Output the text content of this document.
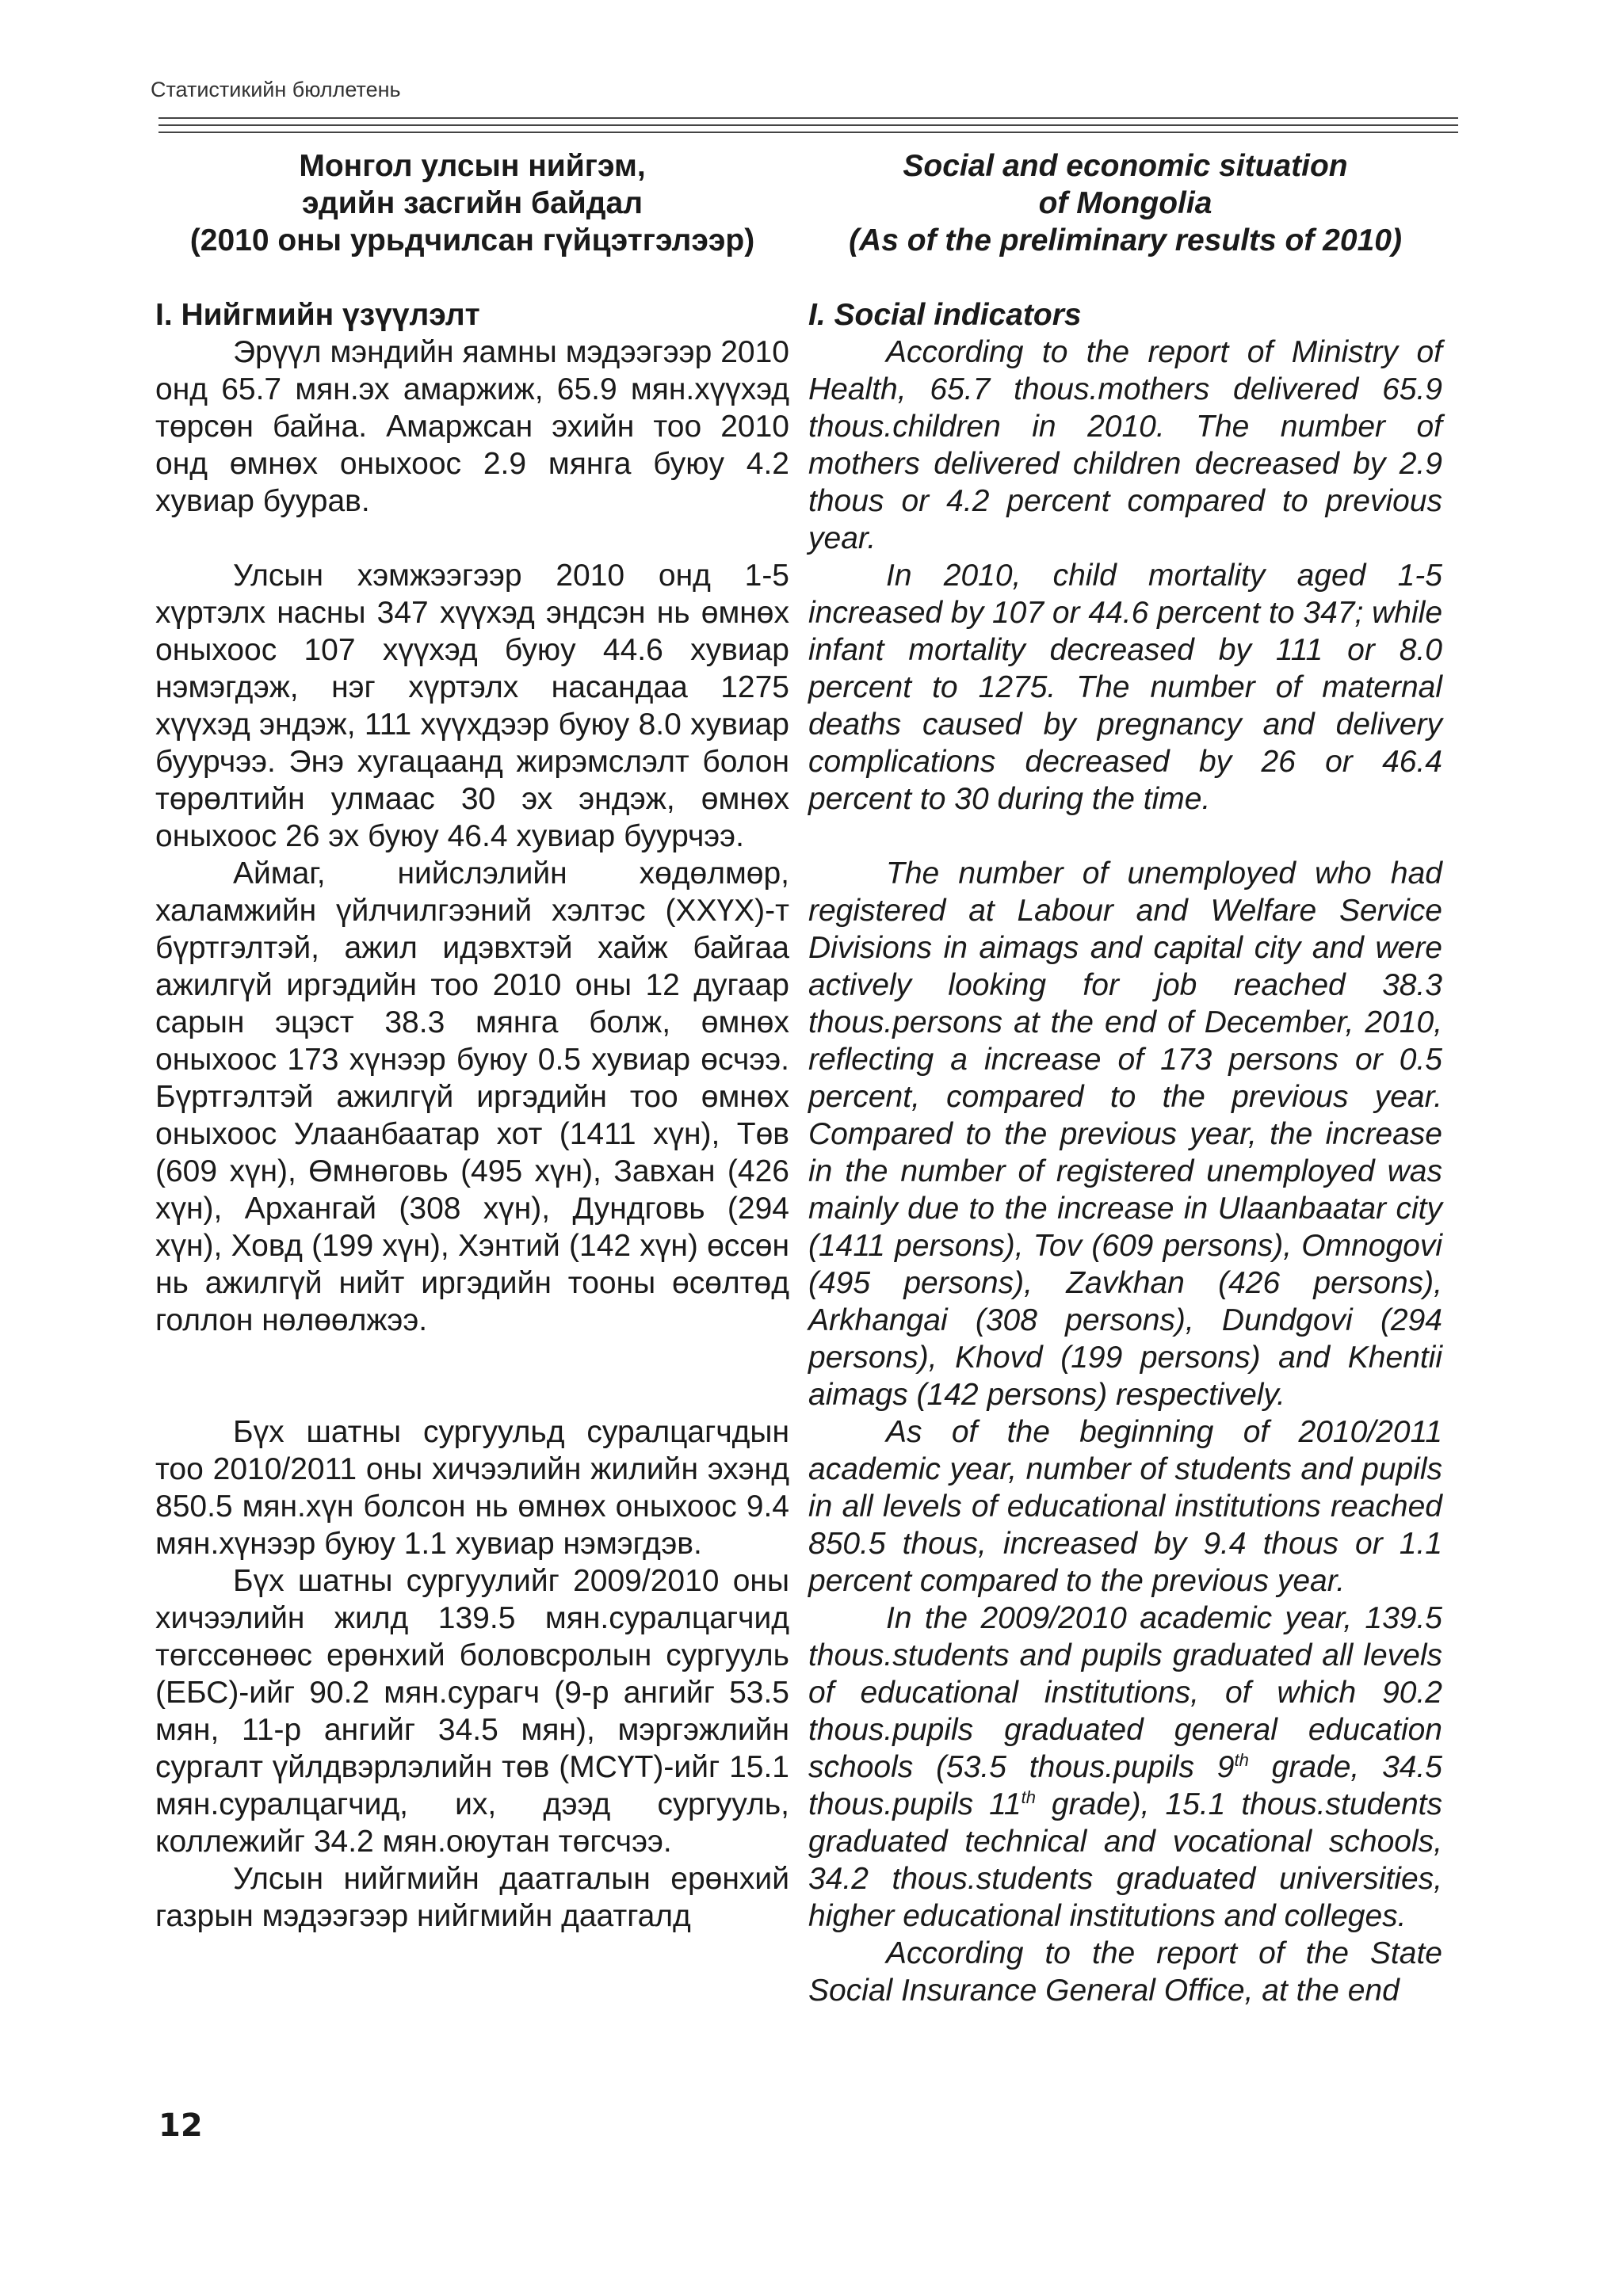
Статистикийн бюллетень
Монгол улсын нийгэм,
эдийн засгийн байдал
(2010 оны урьдчилсан гүйцэтгэлээр)

I. Нийгмийн үзүүлэлт

Эрүүл мэндийн яамны мэдээгээр 2010 онд 65.7 мян.эх амаржиж, 65.9 мян.хүүхэд төрсөн байна. Амаржсан эхийн тоо 2010 онд өмнөх оныхоос 2.9 мянга буюу 4.2 хувиар буурав.

Улсын хэмжээгээр 2010 онд 1-5 хүртэлх насны 347 хүүхэд эндсэн нь өмнөх оныхоос 107 хүүхэд буюу 44.6 хувиар нэмэгдэж, нэг хүртэлх насандаа 1275 хүүхэд эндэж, 111 хүүхдээр буюу 8.0 хувиар буурчээ. Энэ хугацаанд жирэмслэлт болон төрөлтийн улмаас 30 эх эндэж, өмнөх оныхоос 26 эх буюу 46.4 хувиар буурчээ.

Аймаг, нийслэлийн хөдөлмөр, халамжийн үйлчилгээний хэлтэс (ХХҮХ)-т бүртгэлтэй, ажил идэвхтэй хайж байгаа ажилгүй иргэдийн тоо 2010 оны 12 дугаар сарын эцэст 38.3 мянга болж, өмнөх оныхоос 173 хүнээр буюу 0.5 хувиар өсчээ. Бүртгэлтэй ажилгүй иргэдийн тоо өмнөх оныхоос Улаанбаатар хот (1411 хүн), Төв (609 хүн), Өмнөговь (495 хүн), Завхан (426 хүн), Архангай (308 хүн), Дундговь (294 хүн), Ховд (199 хүн), Хэнтий (142 хүн) өссөн нь ажилгүй нийт иргэдийн тооны өсөлтөд голлон нөлөөлжээ.

Бүх шатны сургуульд суралцагчдын тоо 2010/2011 оны хичээлийн жилийн эхэнд 850.5 мян.хүн болсон нь өмнөх оныхоос 9.4 мян.хүнээр буюу 1.1 хувиар нэмэгдэв.

Бүх шатны сургуулийг 2009/2010 оны хичээлийн жилд 139.5 мян.суралцагчид төгссөнөөс ерөнхий боловсролын сургууль (ЕБС)-ийг 90.2 мян.сурагч (9-р ангийг 53.5 мян, 11-р ангийг 34.5 мян), мэргэжлийн сургалт үйлдвэрлэлийн төв (МСҮТ)-ийг 15.1 мян.суралцагчид, их, дээд сургууль, коллежийг 34.2 мян.оюутан төгсчээ.

Улсын нийгмийн даатгалын ерөнхий газрын мэдээгээр нийгмийн даатгалд

Social and economic situation
of Mongolia
(As of the preliminary results of 2010)

I. Social indicators

According to the report of Ministry of Health, 65.7 thous.mothers delivered 65.9 thous.children in 2010. The number of mothers delivered children decreased by 2.9 thous or 4.2 percent compared to previous year.

In 2010, child mortality aged 1-5 increased by 107 or 44.6 percent to 347; while infant mortality decreased by 111 or 8.0 percent to 1275. The number of maternal deaths caused by pregnancy and delivery complications decreased by 26 or 46.4 percent to 30 during the time.

The number of unemployed who had registered at Labour and Welfare Service Divisions in aimags and capital city and were actively looking for job reached 38.3 thous.persons at the end of December, 2010, reflecting a increase of 173 persons or 0.5 percent, compared to the previous year. Compared to the previous year, the increase in the number of registered unemployed was mainly due to the increase in Ulaanbaatar city (1411 persons), Tov (609 persons), Omnogovi (495 persons), Zavkhan (426 persons), Arkhangai (308 persons), Dundgovi (294 persons), Khovd (199 persons) and Khentii aimags (142 persons) respectively.

As of the beginning of 2010/2011 academic year, number of students and pupils in all levels of educational institutions reached 850.5 thous, increased by 9.4 thous or 1.1 percent compared to the previous year.

In the 2009/2010 academic year, 139.5 thous.students and pupils graduated all levels of educational institutions, of which 90.2 thous.pupils graduated general education schools (53.5 thous.pupils 9th grade, 34.5 thous.pupils 11th grade), 15.1 thous.students graduated technical and vocational schools, 34.2 thous.students graduated universities, higher educational institutions and colleges.

According to the report of the State Social Insurance General Office, at the end

12
